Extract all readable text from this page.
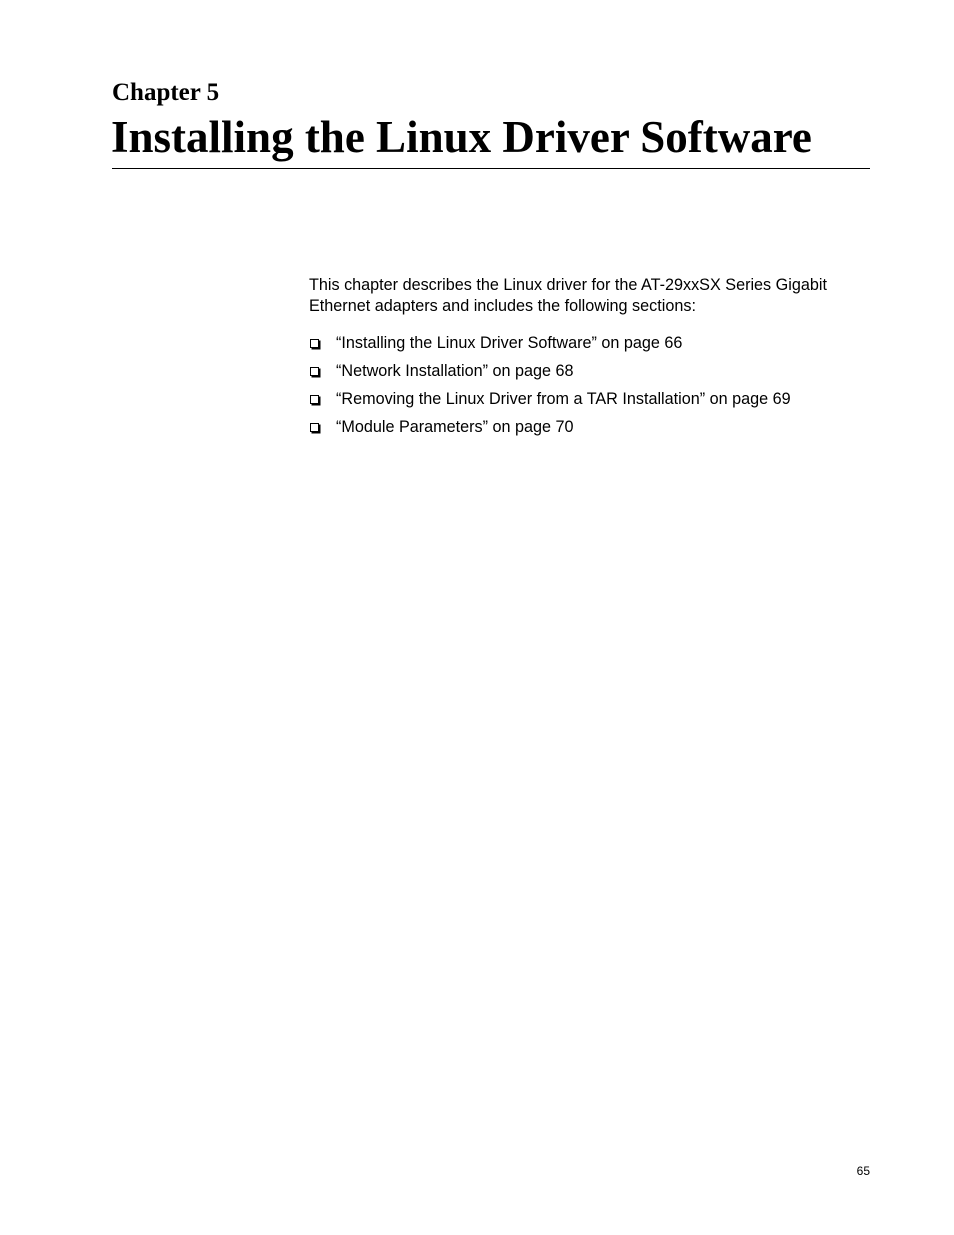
Chapter 5
Installing the Linux Driver Software

This chapter describes the Linux driver for the AT-29xxSX Series Gigabit Ethernet adapters and includes the following sections:

“Installing the Linux Driver Software” on page 66
“Network Installation” on page 68
“Removing the Linux Driver from a TAR Installation” on page 69
“Module Parameters” on page 70
65
